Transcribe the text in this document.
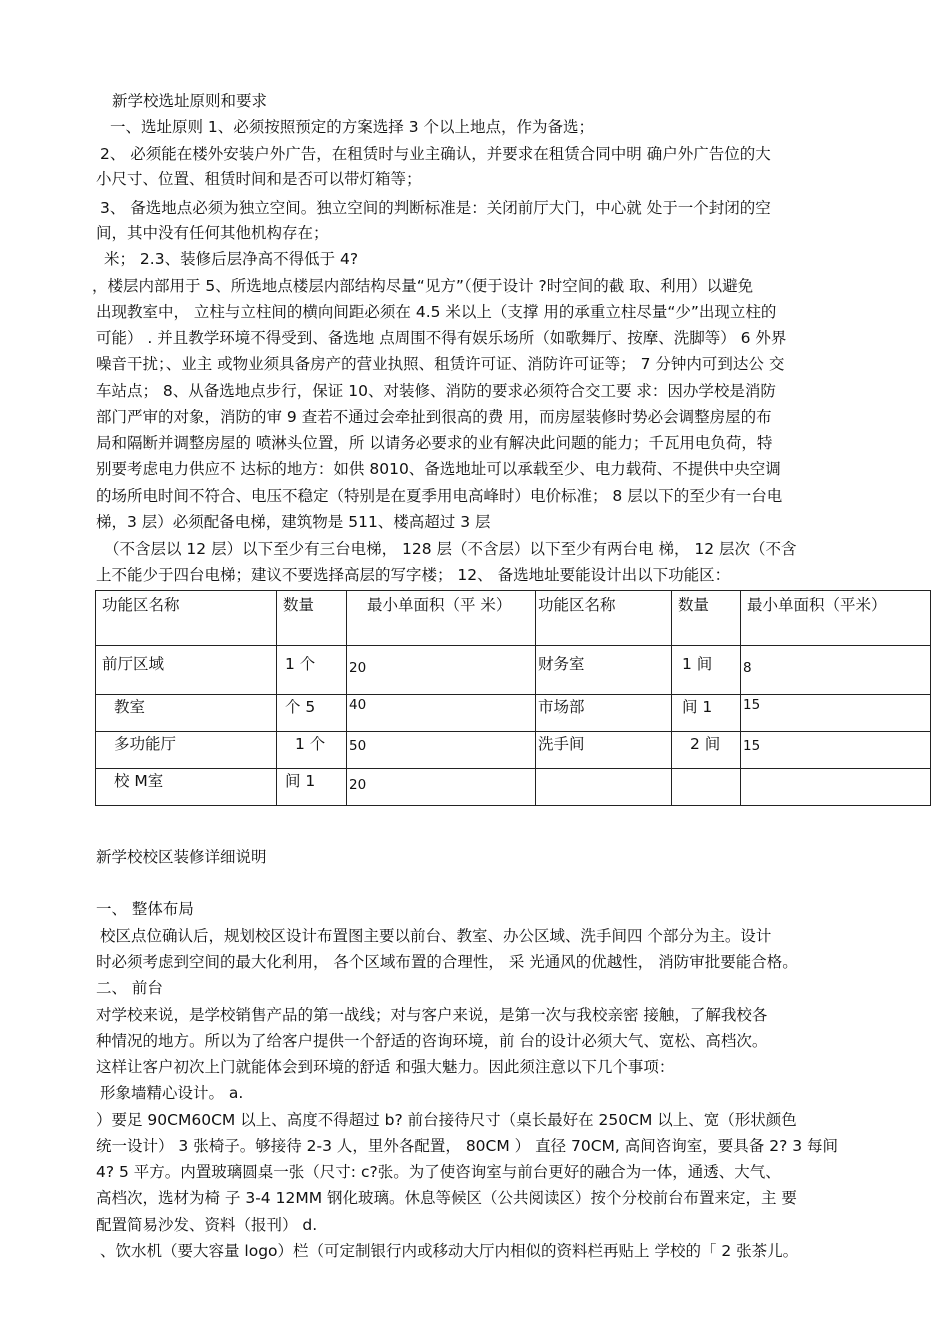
新学校选址原则和要求
一、选址原则 1、必须按照预定的方案选择 3 个以上地点，作为备选；
2、 必须能在楼外安装户外广告，在租赁时与业主确认，并要求在租赁合同中明 确户外广告位的大
小尺寸、位置、租赁时间和是否可以带灯箱等；
3、 备选地点必须为独立空间。独立空间的判断标准是：关闭前厅大门，中心就 处于一个封闭的空
间，其中没有任何其他机构存在；
米； 2.3、装修后层净高不得低于 4?
，楼层内部用于 5、所选地点楼层内部结构尽量“见方”（便于设计 ?时空间的截 取、利用）以避免
出现教室中， 立柱与立柱间的横向间距必须在 4.5 米以上（支撑 用的承重立柱尽量“少”出现立柱的
可能） . 并且教学环境不得受到、备选地 点周围不得有娱乐场所（如歌舞厅、按摩、洗脚等） 6 外界
噪音干扰；、业主 或物业须具备房产的营业执照、租赁许可证、消防许可证等； 7 分钟内可到达公 交
车站点； 8、从备选地点步行，保证 10、对装修、消防的要求必须符合交工要 求：因办学校是消防
部门严审的对象，消防的审 9 查若不通过会牵扯到很高的费 用，而房屋装修时势必会调整房屋的布
局和隔断并调整房屋的 喷淋头位置，所 以请务必要求的业有解决此问题的能力；千瓦用电负荷，特
别要考虑电力供应不 达标的地方：如供 8010、备选地址可以承载至少、电力载荷、不提供中央空调
的场所电时间不符合、电压不稳定（特别是在夏季用电高峰时）电价标准； 8 层以下的至少有一台电
梯，3 层）必须配备电梯，建筑物是 511、楼高超过 3 层
（不含层以 12 层）以下至少有三台电梯， 128 层（不含层）以下至少有两台电 梯， 12 层次（不含
上不能少于四台电梯；建议不要选择高层的写字楼； 12、 备选地址要能设计出以下功能区：
功能区名称	数量	最小单面积（平 米）	功能区名称	数量	最小单面积（平米）
前厅区域	1 个	20	财务室	1 间	8
教室	个 5	40	市场部	间 1	15
多功能厅	1 个	50	洗手间	2 间	15
校 M室	间 1	20			
新学校校区装修详细说明
一、 整体布局
校区点位确认后，规划校区设计布置图主要以前台、教室、办公区域、洗手间四 个部分为主。设计
时必须考虑到空间的最大化利用， 各个区域布置的合理性， 采 光通风的优越性， 消防审批要能合格。
二、 前台
对学校来说，是学校销售产品的第一战线；对与客户来说，是第一次与我校亲密 接触，了解我校各
种情况的地方。所以为了给客户提供一个舒适的咨询环境，前 台的设计必须大气、宽松、高档次。
这样让客户初次上门就能体会到环境的舒适 和强大魅力。因此须注意以下几个事项：
形象墙精心设计。 a.
）要足 90CM60CM 以上、高度不得超过 b? 前台接待尺寸（桌长最好在 250CM 以上、宽（形状颜色
统一设计） 3 张椅子。够接待 2-3 人，里外各配置， 80CM ） 直径 70CM, 高间咨询室，要具备 2? 3 每间
4? 5 平方。内置玻璃圆桌一张（尺寸: c?张。为了使咨询室与前台更好的融合为一体，通透、大气、
高档次，选材为椅 子 3-4 12MM 钢化玻璃。休息等候区（公共阅读区）按个分校前台布置来定，主 要
配置简易沙发、资料（报刊） d.
、饮水机（要大容量 logo）栏（可定制银行内或移动大厅内相似的资料栏再贴上 学校的「 2 张茶儿。
